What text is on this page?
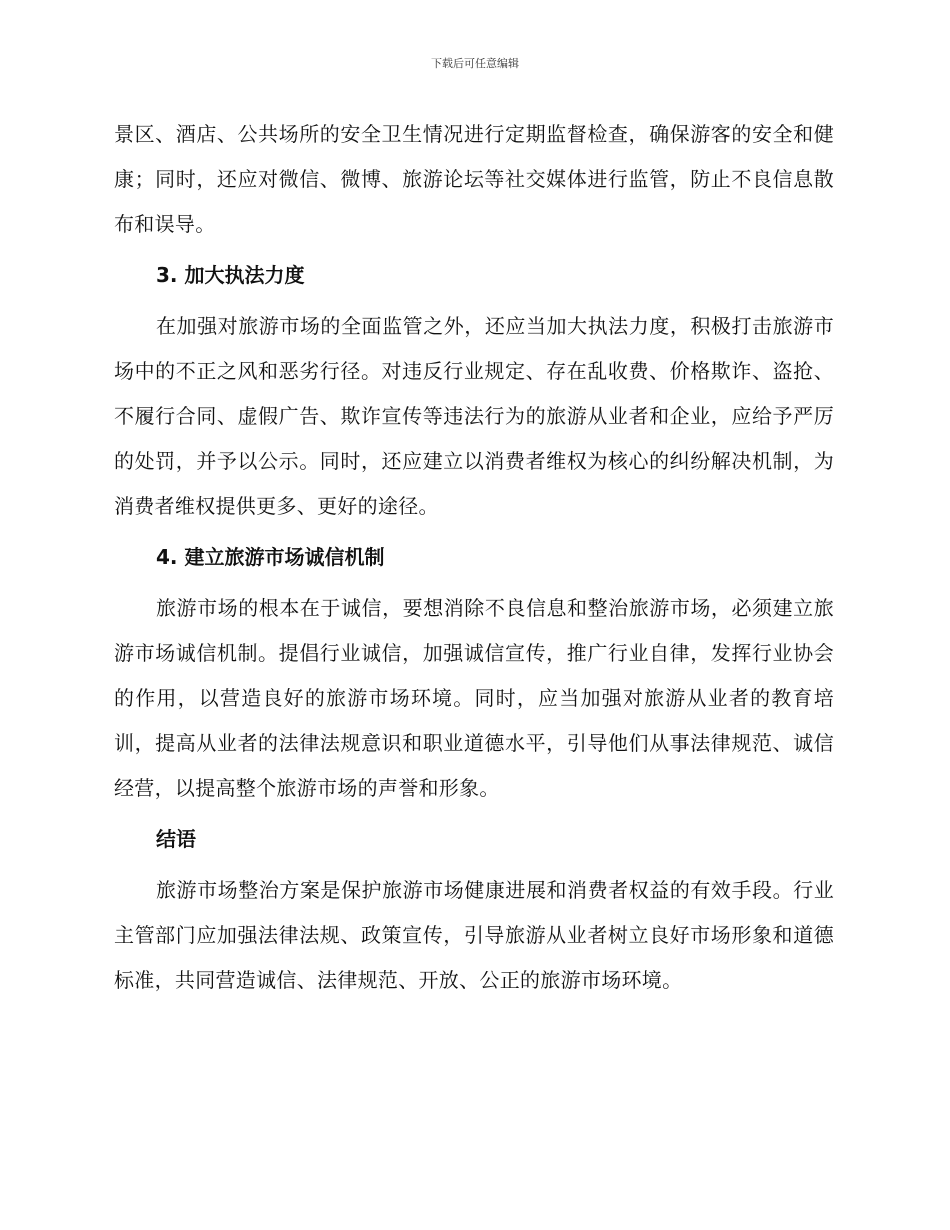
下载后可任意编辑

景区、酒店、公共场所的安全卫生情况进行定期监督检查，确保游客的安全和健康；同时，还应对微信、微博、旅游论坛等社交媒体进行监管，防止不良信息散布和误导。

3. 加大执法力度

在加强对旅游市场的全面监管之外，还应当加大执法力度，积极打击旅游市场中的不正之风和恶劣行径。对违反行业规定、存在乱收费、价格欺诈、盗抢、不履行合同、虚假广告、欺诈宣传等违法行为的旅游从业者和企业，应给予严厉的处罚，并予以公示。同时，还应建立以消费者维权为核心的纠纷解决机制，为消费者维权提供更多、更好的途径。

4. 建立旅游市场诚信机制

旅游市场的根本在于诚信，要想消除不良信息和整治旅游市场，必须建立旅游市场诚信机制。提倡行业诚信，加强诚信宣传，推广行业自律，发挥行业协会的作用，以营造良好的旅游市场环境。同时，应当加强对旅游从业者的教育培训，提高从业者的法律法规意识和职业道德水平，引导他们从事法律规范、诚信经营，以提高整个旅游市场的声誉和形象。

结语

旅游市场整治方案是保护旅游市场健康进展和消费者权益的有效手段。行业主管部门应加强法律法规、政策宣传，引导旅游从业者树立良好市场形象和道德标准，共同营造诚信、法律规范、开放、公正的旅游市场环境。
